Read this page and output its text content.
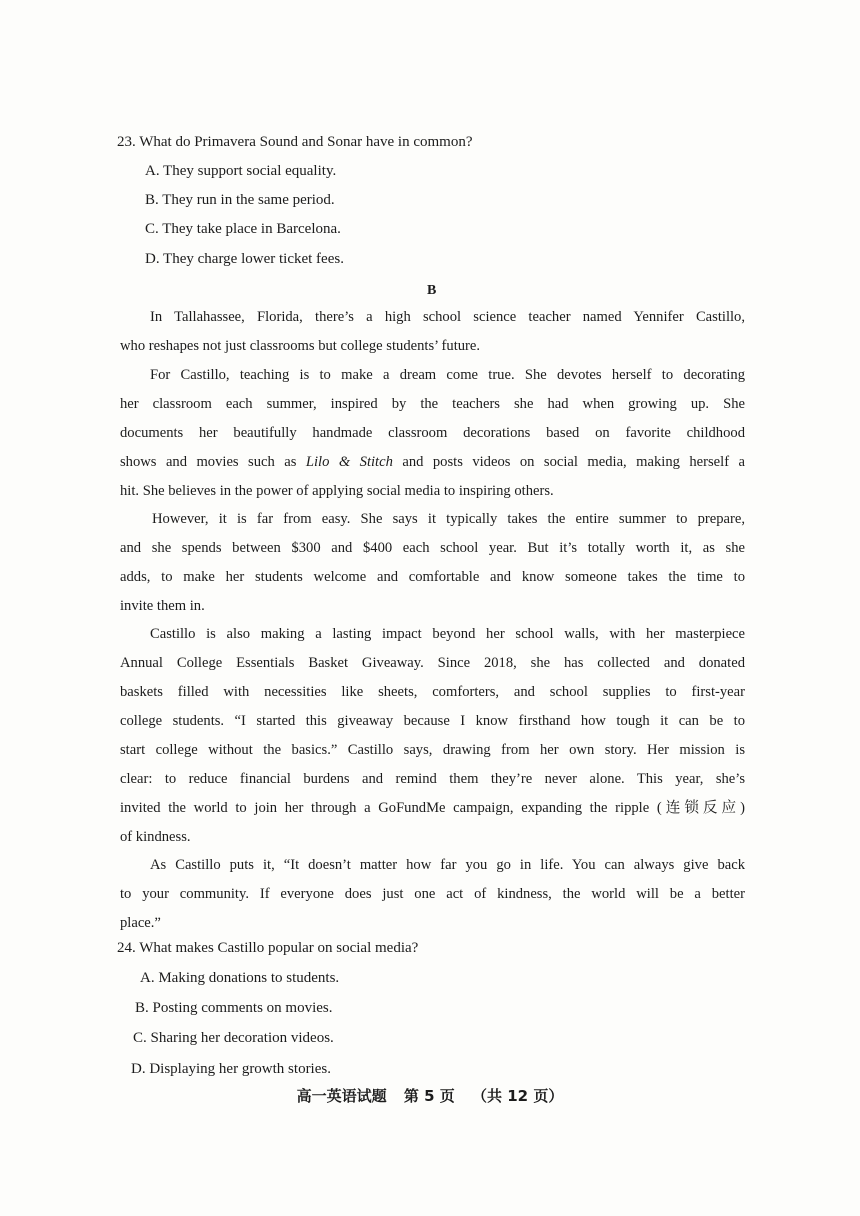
23. What do Primavera Sound and Sonar have in common?
A. They support social equality.
B. They run in the same period.
C. They take place in Barcelona.
D. They charge lower ticket fees.
B
In Tallahassee, Florida, there’s a high school science teacher named Yennifer Castillo,
who reshapes not just classrooms but college students’ future.
For Castillo, teaching is to make a dream come true. She devotes herself to decorating
her classroom each summer, inspired by the teachers she had when growing up. She
documents her beautifully handmade classroom decorations based on favorite childhood
shows and movies such as Lilo & Stitch and posts videos on social media, making herself a
hit. She believes in the power of applying social media to inspiring others.
However, it is far from easy. She says it typically takes the entire summer to prepare,
and she spends between $300 and $400 each school year. But it’s totally worth it, as she
adds, to make her students welcome and comfortable and know someone takes the time to
invite them in.
Castillo is also making a lasting impact beyond her school walls, with her masterpiece
Annual College Essentials Basket Giveaway. Since 2018, she has collected and donated
baskets filled with necessities like sheets, comforters, and school supplies to first-year
college students. “I started this giveaway because I know firsthand how tough it can be to
start college without the basics.” Castillo says, drawing from her own story. Her mission is
clear: to reduce financial burdens and remind them they’re never alone. This year, she’s
invited the world to join her through a GoFundMe campaign, expanding the ripple (连锁反应)
of kindness.
As Castillo puts it, “It doesn’t matter how far you go in life. You can always give back
to your community. If everyone does just one act of kindness, the world will be a better
place.”
24. What makes Castillo popular on social media?
A. Making donations to students.
B. Posting comments on movies.
C. Sharing her decoration videos.
D. Displaying her growth stories.
高一英语试题 第 5 页 （共 12 页）
